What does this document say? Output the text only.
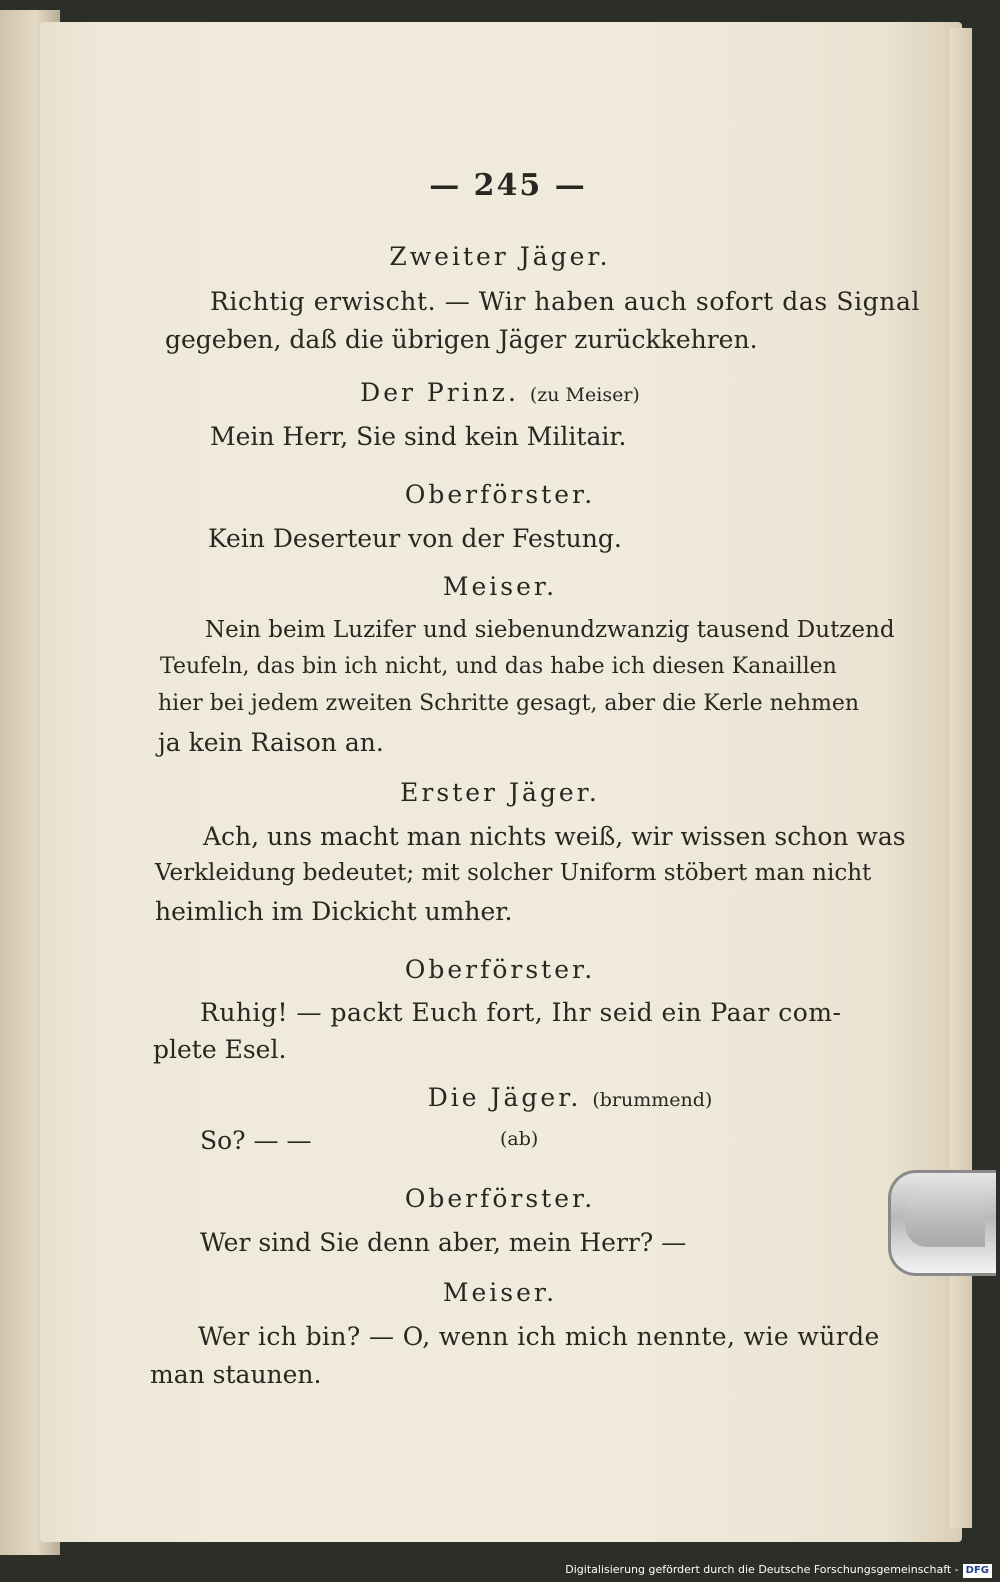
— 245 —
Zweiter Jäger.
Richtig erwischt. — Wir haben auch sofort das Signal
gegeben, daß die übrigen Jäger zurückkehren.
Der Prinz. (zu Meiser)
Mein Herr, Sie sind kein Militair.
Oberförster.
Kein Deserteur von der Festung.
Meiser.
Nein beim Luzifer und siebenundzwanzig tausend Dutzend
Teufeln, das bin ich nicht, und das habe ich diesen Kanaillen
hier bei jedem zweiten Schritte gesagt, aber die Kerle nehmen
ja kein Raison an.
Erster Jäger.
Ach, uns macht man nichts weiß, wir wissen schon was
Verkleidung bedeutet; mit solcher Uniform stöbert man nicht
heimlich im Dickicht umher.
Oberförster.
Ruhig! — packt Euch fort, Ihr seid ein Paar com-
plete Esel.
Die Jäger. (brummend)
So? — —	(ab)
Oberförster.
Wer sind Sie denn aber, mein Herr? —
Meiser.
Wer ich bin? — O, wenn ich mich nennte, wie würde
man staunen.
Digitalisierung gefördert durch die Deutsche Forschungsgemeinschaft - DFG
